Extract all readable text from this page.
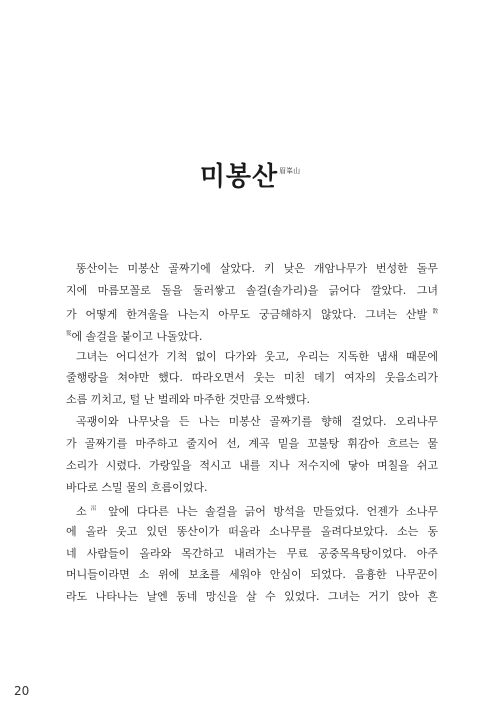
미봉산$^{眉峯山}$
똥산이는 미봉산 골짜기에 살았다. 키 낮은 개암나무가 번성한 돌무
지에 마름모꼴로 돌을 둘러쌓고 솔걸(솔가리)을 긁어다 깔았다. 그녀
가 어떻게 한겨울을 나는지 아무도 궁금해하지 않았다. 그녀는 산발$^散$
$^髮$에 솔걸을 붙이고 나돌았다.
그녀는 어디선가 기척 없이 다가와 웃고, 우리는 지독한 냄새 때문에
줄행랑을 쳐야만 했다. 따라오면서 웃는 미친 데기 여자의 웃음소리가
소름 끼치고, 털 난 벌레와 마주한 것만큼 오싹했다.
곡괭이와 나무낫을 든 나는 미봉산 골짜기를 향해 걸었다. 오리나무
가 골짜기를 마주하고 줄지어 선, 계곡 밑을 꼬불탕 휘감아 흐르는 물
소리가 시렸다. 가랑잎을 적시고 내를 지나 저수지에 닿아 며칠을 쉬고
바다로 스밀 물의 흐름이었다.
소$^沼$ 앞에 다다른 나는 솔걸을 긁어 방석을 만들었다. 언젠가 소나무
에 올라 웃고 있던 똥산이가 떠올라 소나무를 올려다보았다. 소는 동
네 사람들이 올라와 목간하고 내려가는 무료 공중목욕탕이었다. 아주
머니들이라면 소 위에 보초를 세워야 안심이 되었다. 음흉한 나무꾼이
라도 나타나는 날엔 동네 망신을 살 수 있었다. 그녀는 거기 앉아 흔
20
